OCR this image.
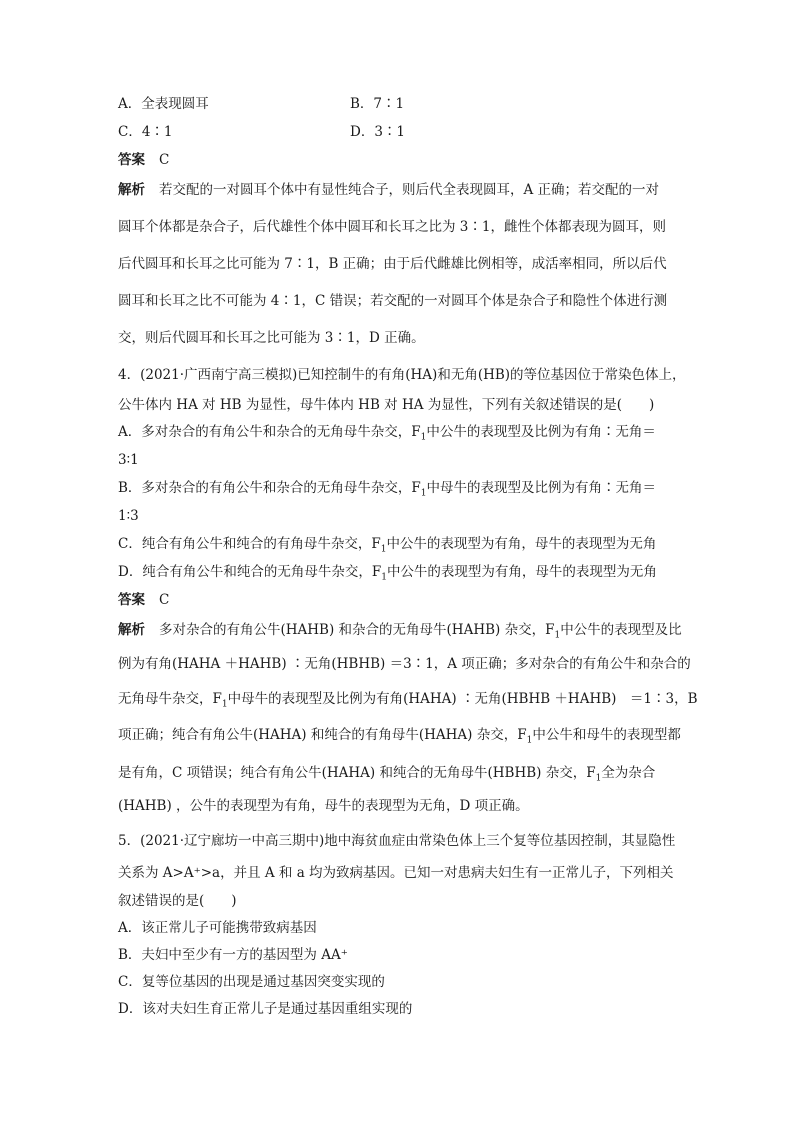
A．全表现圆耳	B．7∶1
C．4∶1	D．3∶1
答案 C
解析 若交配的一对圆耳个体中有显性纯合子，则后代全表现圆耳，A 正确；若交配的一对
圆耳个体都是杂合子，后代雄性个体中圆耳和长耳之比为 3∶1，雌性个体都表现为圆耳，则
后代圆耳和长耳之比可能为 7∶1，B 正确；由于后代雌雄比例相等，成活率相同，所以后代
圆耳和长耳之比不可能为 4∶1，C 错误；若交配的一对圆耳个体是杂合子和隐性个体进行测
交，则后代圆耳和长耳之比可能为 3∶1，D 正确。
4．(2021·广西南宁高三模拟)已知控制牛的有角(HA)和无角(HB)的等位基因位于常染色体上，
公牛体内 HA 对 HB 为显性，母牛体内 HB 对 HA 为显性，下列有关叙述错误的是(　　)
A．多对杂合的有角公牛和杂合的无角母牛杂交，$F_1$中公牛的表现型及比例为有角∶无角＝
3∶1
B．多对杂合的有角公牛和杂合的无角母牛杂交，$F_1$中母牛的表现型及比例为有角∶无角＝
1∶3
C．纯合有角公牛和纯合的有角母牛杂交，$F_1$中公牛的表现型为有角，母牛的表现型为无角
D．纯合有角公牛和纯合的无角母牛杂交，$F_1$中公牛的表现型为有角，母牛的表现型为无角
答案 C
解析 多对杂合的有角公牛(HAHB) 和杂合的无角母牛(HAHB) 杂交，$F_1$中公牛的表现型及比
例为有角(HAHA ＋HAHB) ∶无角(HBHB) ＝3∶1，A 项正确；多对杂合的有角公牛和杂合的
无角母牛杂交，$F_1$中母牛的表现型及比例为有角(HAHA) ∶无角(HBHB ＋HAHB)　＝1∶3，B
项正确；纯合有角公牛(HAHA) 和纯合的有角母牛(HAHA) 杂交，$F_1$中公牛和母牛的表现型都
是有角，C 项错误；纯合有角公牛(HAHA) 和纯合的无角母牛(HBHB) 杂交，$F_1$全为杂合
(HAHB) ，公牛的表现型为有角，母牛的表现型为无角，D 项正确。
5．(2021·辽宁廊坊一中高三期中)地中海贫血症由常染色体上三个复等位基因控制，其显隐性
关系为 A>A⁺>a，并且 A 和 a 均为致病基因。已知一对患病夫妇生有一正常儿子，下列相关
叙述错误的是(　　)
A．该正常儿子可能携带致病基因
B．夫妇中至少有一方的基因型为 AA⁺
C．复等位基因的出现是通过基因突变实现的
D．该对夫妇生育正常儿子是通过基因重组实现的
